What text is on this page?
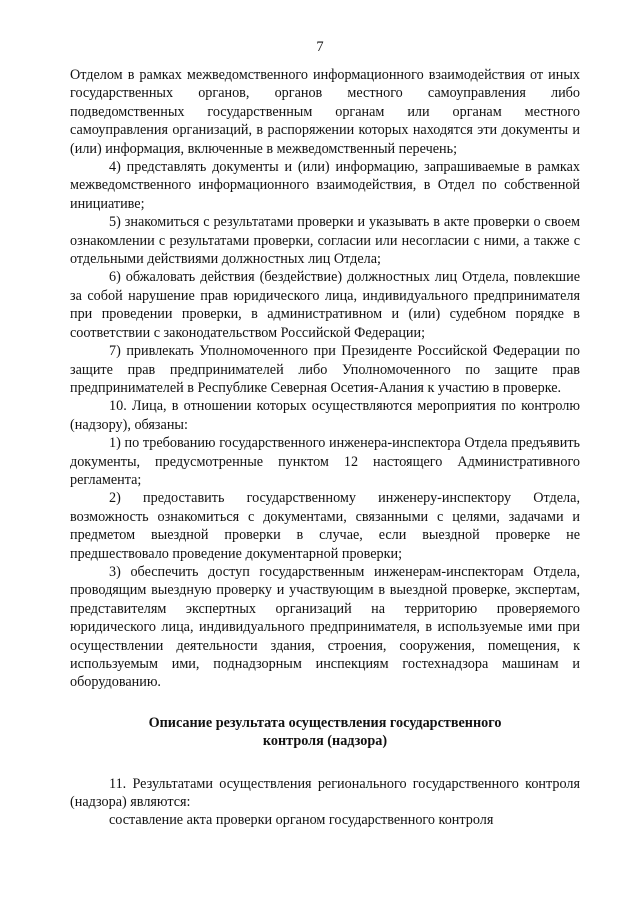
7

Отделом в рамках межведомственного информационного взаимодействия от иных государственных органов, органов местного самоуправления либо подведомственных государственным органам или органам местного самоуправления организаций, в распоряжении которых находятся эти документы и (или) информация, включенные в межведомственный перечень;

4) представлять документы и (или) информацию, запрашиваемые в рамках межведомственного информационного взаимодействия, в Отдел по собственной инициативе;

5) знакомиться с результатами проверки и указывать в акте проверки о своем ознакомлении с результатами проверки, согласии или несогласии с ними, а также с отдельными действиями должностных лиц Отдела;

6) обжаловать действия (бездействие) должностных лиц Отдела, повлекшие за собой нарушение прав юридического лица, индивидуального предпринимателя при проведении проверки, в административном и (или) судебном порядке в соответствии с законодательством Российской Федерации;

7) привлекать Уполномоченного при Президенте Российской Федерации по защите прав предпринимателей либо Уполномоченного по защите прав предпринимателей в Республике Северная Осетия-Алания к участию в проверке.

10. Лица, в отношении которых осуществляются мероприятия по контролю (надзору), обязаны:

1) по требованию государственного инженера-инспектора Отдела предъявить документы, предусмотренные пунктом 12 настоящего Административного регламента;

2) предоставить государственному инженеру-инспектору Отдела, возможность ознакомиться с документами, связанными с целями, задачами и предметом выездной проверки в случае, если выездной проверке не предшествовало проведение документарной проверки;

3) обеспечить доступ государственным инженерам-инспекторам Отдела, проводящим выездную проверку и участвующим в выездной проверке, экспертам, представителям экспертных организаций на территорию проверяемого юридического лица, индивидуального предпринимателя, в используемые ими при осуществлении деятельности здания, строения, сооружения, помещения, к используемым ими, поднадзорным инспекциям гостехнадзора машинам и оборудованию.

Описание результата осуществления государственного
контроля (надзора)

11. Результатами осуществления регионального государственного контроля (надзора) являются:

составление акта проверки органом государственного контроля
